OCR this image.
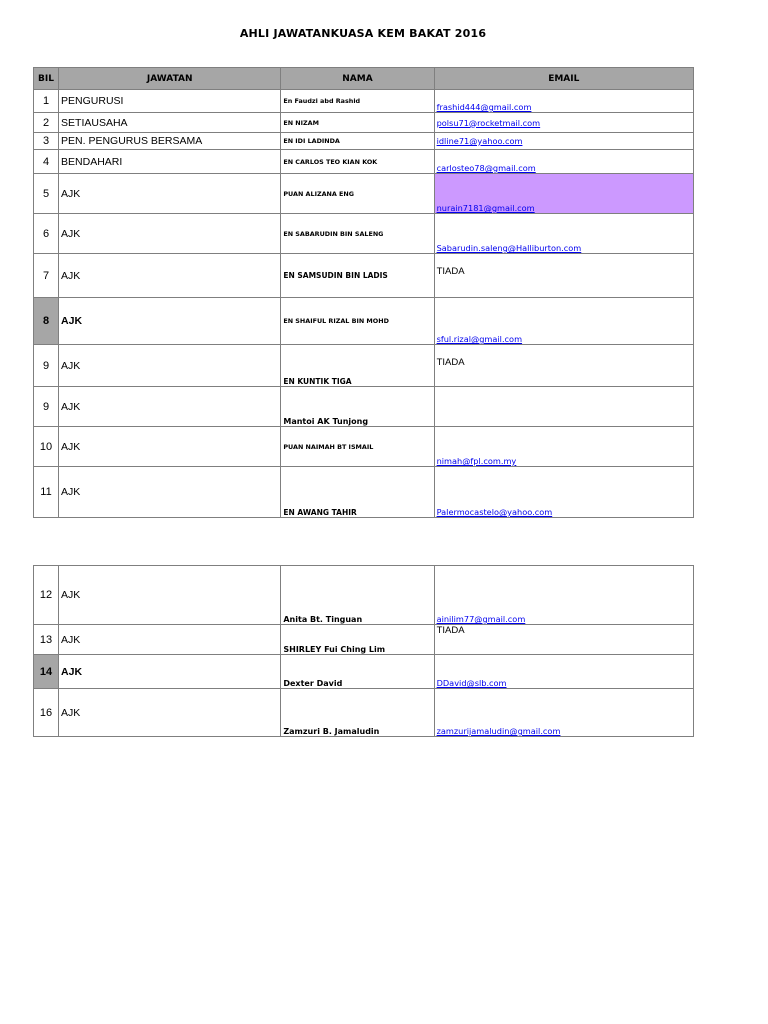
AHLI JAWATANKUASA KEM BAKAT 2016
BIL	JAWATAN	NAMA	EMAIL
1	PENGURUSI	En Faudzi abd Rashid	frashid444@gmail.com
2	SETIAUSAHA	EN NIZAM	polsu71@rocketmail.com
3	PEN. PENGURUS BERSAMA	EN IDI LADINDA	idline71@yahoo.com
4	BENDAHARI	EN CARLOS TEO KIAN KOK	carlosteo78@gmail.com
5	AJK	PUAN ALIZANA ENG	nurain7181@gmail.com
6	AJK	EN SABARUDIN BIN SALENG	Sabarudin.saleng@Halliburton.com
7	AJK	EN SAMSUDIN BIN LADIS	TIADA
8	AJK	EN SHAIFUL RIZAL BIN MOHD	sful.rizal@gmail.com
9	AJK	EN KUNTIK TIGA	TIADA
9	AJK	Mantoi AK Tunjong	
10	AJK	PUAN NAIMAH BT ISMAIL	nimah@fpl.com.my
11	AJK	EN AWANG TAHIR	Palermocastelo@yahoo.com
12	AJK	Anita Bt. Tinguan	ainilim77@gmail.com
13	AJK	SHIRLEY Fui Ching Lim	TIADA
14	AJK	Dexter David	DDavid@slb.com
16	AJK	Zamzuri B. Jamaludin	zamzurijamaludin@gmail.com
